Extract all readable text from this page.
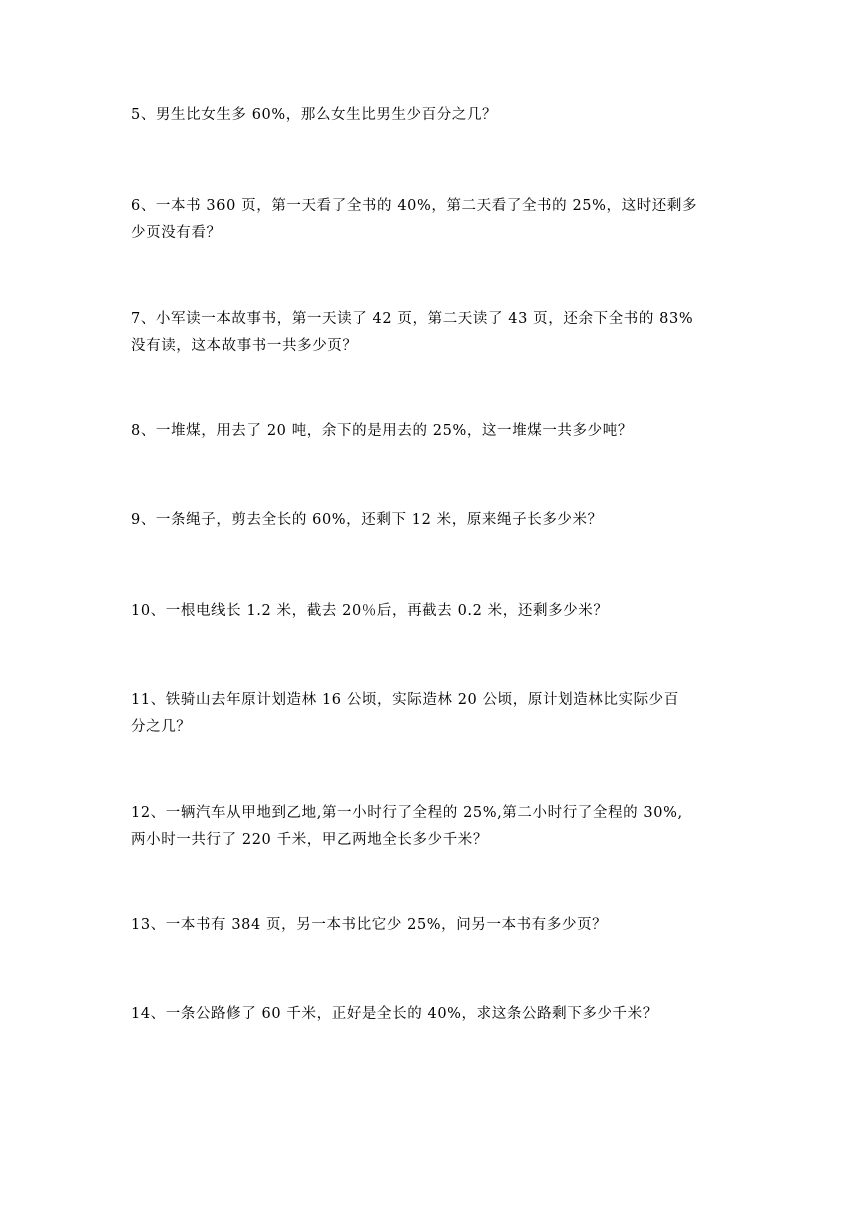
5、男生比女生多 60%，那么女生比男生少百分之几？

6、一本书 360 页，第一天看了全书的 40%，第二天看了全书的 25%，这时还剩多
少页没有看？

7、小军读一本故事书，第一天读了 42 页，第二天读了 43 页，还余下全书的 83%
没有读，这本故事书一共多少页？

8、一堆煤，用去了 20 吨，余下的是用去的 25%，这一堆煤一共多少吨？

9、一条绳子，剪去全长的 60%，还剩下 12 米，原来绳子长多少米？

10、一根电线长 1.2 米，截去 20％后，再截去 0.2 米，还剩多少米？

11、铁骑山去年原计划造林 16 公顷，实际造林 20 公顷，原计划造林比实际少百
分之几？

12、一辆汽车从甲地到乙地,第一小时行了全程的 25%,第二小时行了全程的 30%,
两小时一共行了 220 千米，甲乙两地全长多少千米？

13、一本书有 384 页，另一本书比它少 25%，问另一本书有多少页？

14、一条公路修了 60 千米，正好是全长的 40%，求这条公路剩下多少千米？
